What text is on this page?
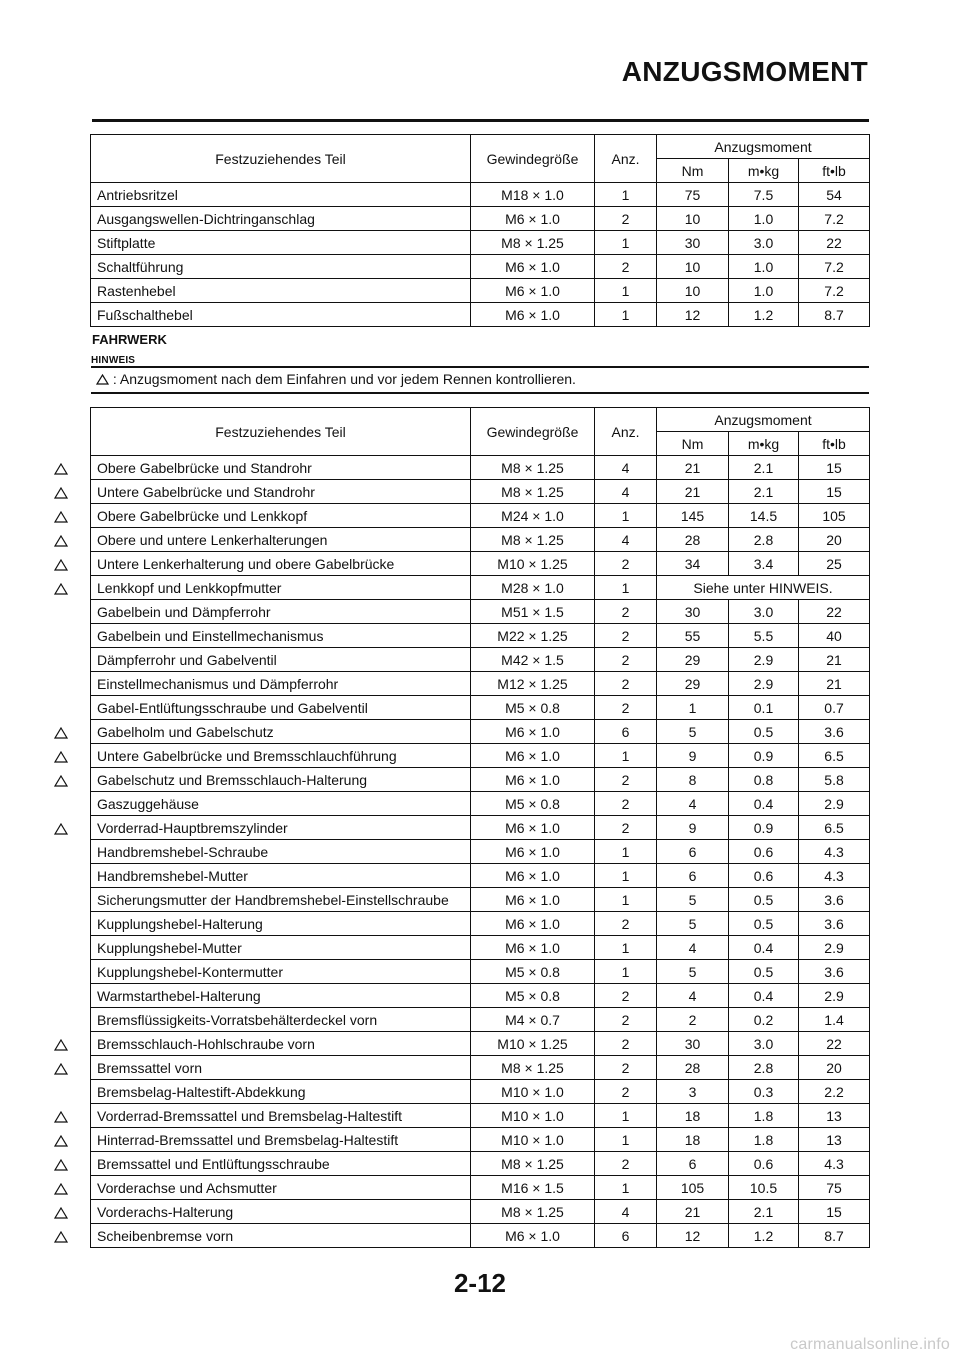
ANZUGSMOMENT
Festzuziehendes Teil	Gewindegröße	Anz.	Anzugsmoment		
			Nm	m•kg	ft•lb
Antriebsritzel	M18 × 1.0	1	75	7.5	54
Ausgangswellen-Dichtringanschlag	M6 × 1.0	2	10	1.0	7.2
Stiftplatte	M8 × 1.25	1	30	3.0	22
Schaltführung	M6 × 1.0	2	10	1.0	7.2
Rastenhebel	M6 × 1.0	1	10	1.0	7.2
Fußschalthebel	M6 × 1.0	1	12	1.2	8.7
FAHRWERK
HINWEIS
: Anzugsmoment nach dem Einfahren und vor jedem Rennen kontrollieren.
Festzuziehendes Teil	Gewindegröße	Anz.	Anzugsmoment		
			Nm	m•kg	ft•lb
Obere Gabelbrücke und Standrohr	M8 × 1.25	4	21	2.1	15
Untere Gabelbrücke und Standrohr	M8 × 1.25	4	21	2.1	15
Obere Gabelbrücke und Lenkkopf	M24 × 1.0	1	145	14.5	105
Obere und untere Lenkerhalterungen	M8 × 1.25	4	28	2.8	20
Untere Lenkerhalterung und obere Gabelbrücke	M10 × 1.25	2	34	3.4	25
Lenkkopf und Lenkkopfmutter	M28 × 1.0	1	Siehe unter HINWEIS.		
Gabelbein und Dämpferrohr	M51 × 1.5	2	30	3.0	22
Gabelbein und Einstellmechanismus	M22 × 1.25	2	55	5.5	40
Dämpferrohr und Gabelventil	M42 × 1.5	2	29	2.9	21
Einstellmechanismus und Dämpferrohr	M12 × 1.25	2	29	2.9	21
Gabel-Entlüftungsschraube und Gabelventil	M5 × 0.8	2	1	0.1	0.7
Gabelholm und Gabelschutz	M6 × 1.0	6	5	0.5	3.6
Untere Gabelbrücke und Bremsschlauchführung	M6 × 1.0	1	9	0.9	6.5
Gabelschutz und Bremsschlauch-Halterung	M6 × 1.0	2	8	0.8	5.8
Gaszuggehäuse	M5 × 0.8	2	4	0.4	2.9
Vorderrad-Hauptbremszylinder	M6 × 1.0	2	9	0.9	6.5
Handbremshebel-Schraube	M6 × 1.0	1	6	0.6	4.3
Handbremshebel-Mutter	M6 × 1.0	1	6	0.6	4.3
Sicherungsmutter der Handbremshebel-Einstellschraube	M6 × 1.0	1	5	0.5	3.6
Kupplungshebel-Halterung	M6 × 1.0	2	5	0.5	3.6
Kupplungshebel-Mutter	M6 × 1.0	1	4	0.4	2.9
Kupplungshebel-Kontermutter	M5 × 0.8	1	5	0.5	3.6
Warmstarthebel-Halterung	M5 × 0.8	2	4	0.4	2.9
Bremsflüssigkeits-Vorratsbehälterdeckel vorn	M4 × 0.7	2	2	0.2	1.4
Bremsschlauch-Hohlschraube vorn	M10 × 1.25	2	30	3.0	22
Bremssattel vorn	M8 × 1.25	2	28	2.8	20
Bremsbelag-Haltestift-Abdekkung	M10 × 1.0	2	3	0.3	2.2
Vorderrad-Bremssattel und Bremsbelag-Haltestift	M10 × 1.0	1	18	1.8	13
Hinterrad-Bremssattel und Bremsbelag-Haltestift	M10 × 1.0	1	18	1.8	13
Bremssattel und Entlüftungsschraube	M8 × 1.25	2	6	0.6	4.3
Vorderachse und Achsmutter	M16 × 1.5	1	105	10.5	75
Vorderachs-Halterung	M8 × 1.25	4	21	2.1	15
Scheibenbremse vorn	M6 × 1.0	6	12	1.2	8.7
2-12
carmanualsonline.info
